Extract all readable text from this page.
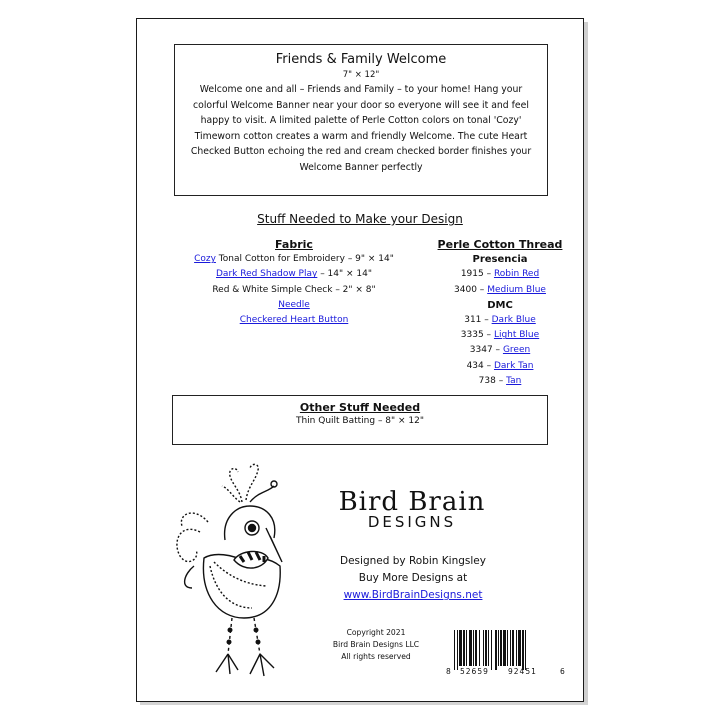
Friends & Family Welcome
7" × 12"
Welcome one and all – Friends and Family – to your home! Hang your colorful Welcome Banner near your door so everyone will see it and feel happy to visit. A limited palette of Perle Cotton colors on tonal 'Cozy' Timeworn cotton creates a warm and friendly Welcome. The cute Heart Checked Button echoing the red and cream checked border finishes your Welcome Banner perfectly
Stuff Needed to Make your Design
Fabric
Cozy Tonal Cotton for Embroidery – 9" × 14"
Dark Red Shadow Play – 14" × 14"
Red & White Simple Check – 2" × 8"
Needle
Checkered Heart Button
Perle Cotton Thread
Presencia
1915 – Robin Red
3400 – Medium Blue
DMC
311 – Dark Blue
3335 – Light Blue
3347 – Green
434 – Dark Tan
738 – Tan
Other Stuff Needed
Thin Quilt Batting – 8" × 12"
Bird Brain
DESIGNS
Designed by Robin Kingsley
Buy More Designs at
www.BirdBrainDesigns.net
Copyright 2021
Bird Brain Designs LLC
All rights reserved
8 52659	92451	6
